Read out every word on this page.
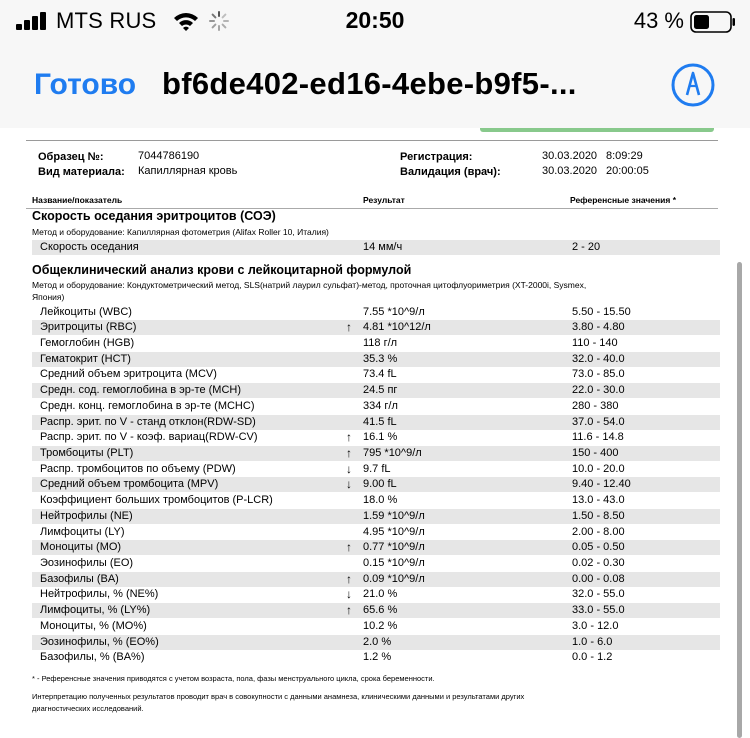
MTS RUS	20:50	43 %
Готово bf6de402-ed16-4ebe-b9f5-...
Образец №:	7044786190
Вид материала: Капиллярная кровь
Регистрация:	30.03.2020 8:09:29
Валидация (врач):	30.03.2020 20:00:05
Название/показатель	Результат	Референсные значения *
Скорость оседания эритроцитов (СОЭ)
Метод и оборудование: Капиллярная фотометрия (Alifax Roller 10, Италия)
Скорость оседания	14 мм/ч	2 - 20
Общеклинический анализ крови с лейкоцитарной формулой
Метод и оборудование: Кондуктометрический метод, SLS(натрий лаурил сульфат)-метод, проточная цитофлуориметрия (XT-2000i, Sysmex,
Япония)
Лейкоциты (WBC)	7.55 *10^9/л	5.50 - 15.50
Эритроциты (RBC)	↑ 4.81 *10^12/л	3.80 - 4.80
Гемоглобин (HGB)	118 г/л	110 - 140
Гематокрит (HCT)	35.3 %	32.0 - 40.0
Средний объем эритроцита (MCV)	73.4 fL	73.0 - 85.0
Средн. сод. гемоглобина в эр-те (MCH)	24.5 пг	22.0 - 30.0
Средн. конц. гемоглобина в эр-те (MCHC)	334 г/л	280 - 380
Распр. эрит. по V - станд отклон(RDW-SD)	41.5 fL	37.0 - 54.0
Распр. эрит. по V - коэф. вариац(RDW-CV)	↑ 16.1 %	11.6 - 14.8
Тромбоциты (PLT)	↑ 795 *10^9/л	150 - 400
Распр. тромбоцитов по объему (PDW)	↓ 9.7 fL	10.0 - 20.0
Средний объем тромбоцита (MPV)	↓ 9.00 fL	9.40 - 12.40
Коэффициент больших тромбоцитов (P-LCR)	18.0 %	13.0 - 43.0
Нейтрофилы (NE)	1.59 *10^9/л	1.50 - 8.50
Лимфоциты (LY)	4.95 *10^9/л	2.00 - 8.00
Моноциты (MO)	↑ 0.77 *10^9/л	0.05 - 0.50
Эозинофилы (EO)	0.15 *10^9/л	0.02 - 0.30
Базофилы (BA)	↑ 0.09 *10^9/л	0.00 - 0.08
Нейтрофилы, % (NE%)	↓ 21.0 %	32.0 - 55.0
Лимфоциты, % (LY%)	↑ 65.6 %	33.0 - 55.0
Моноциты, % (MO%)	10.2 %	3.0 - 12.0
Эозинофилы, % (EO%)	2.0 %	1.0 - 6.0
Базофилы, % (BA%)	1.2 %	0.0 - 1.2
* - Референсные значения приводятся с учетом возраста, пола, фазы менструального цикла, срока беременности.
Интерпретацию полученных результатов проводит врач в совокупности с данными анамнеза, клиническими данными и результатами других
диагностических исследований.
